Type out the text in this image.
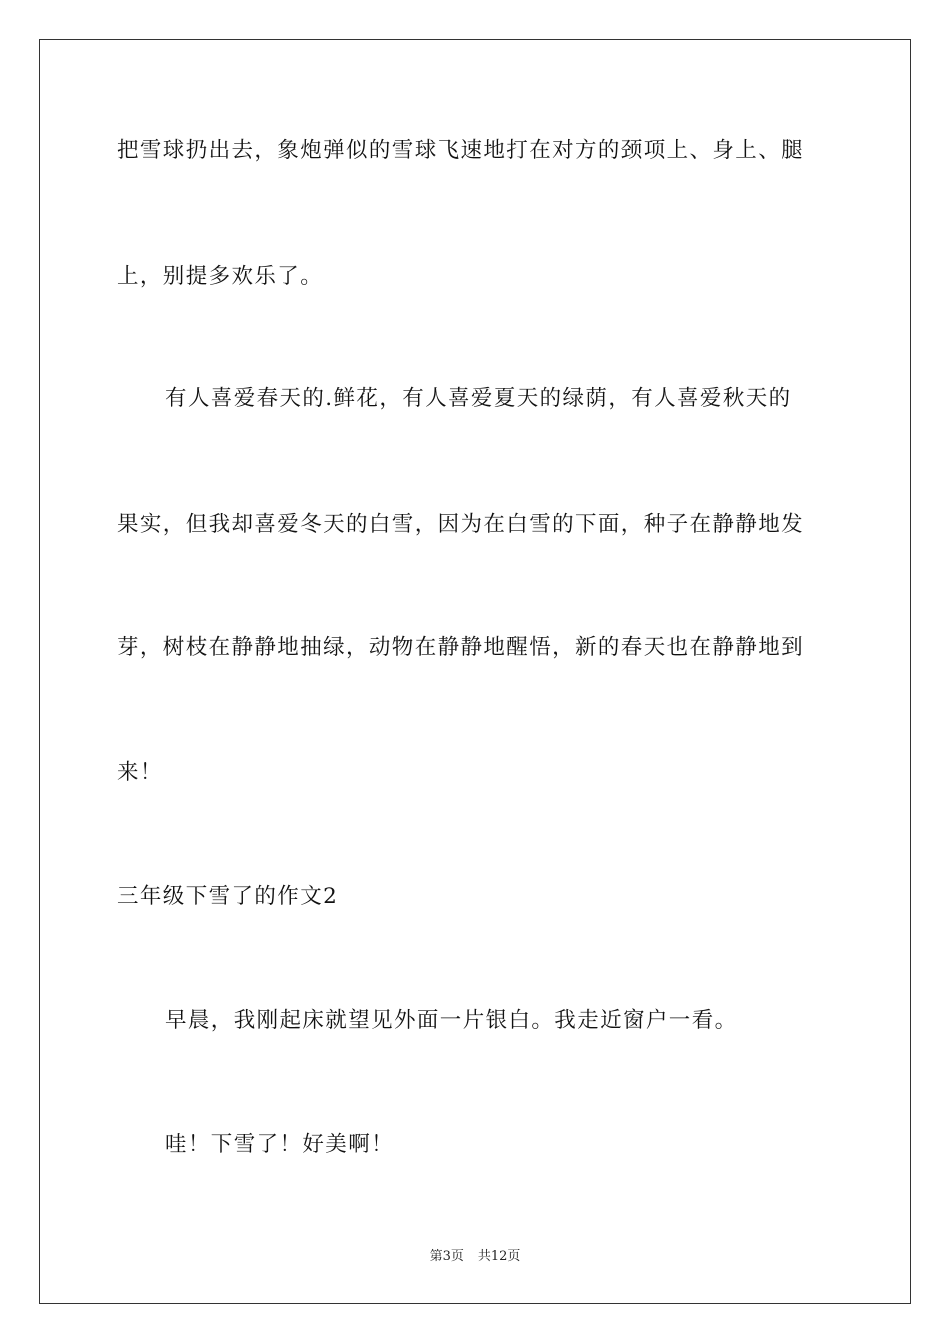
把雪球扔出去，象炮弹似的雪球飞速地打在对方的颈项上、身上、腿
上，别提多欢乐了。
有人喜爱春天的.鲜花，有人喜爱夏天的绿荫，有人喜爱秋天的
果实，但我却喜爱冬天的白雪，因为在白雪的下面，种子在静静地发
芽，树枝在静静地抽绿，动物在静静地醒悟，新的春天也在静静地到
来！
三年级下雪了的作文2
早晨，我刚起床就望见外面一片银白。我走近窗户一看。
哇！下雪了！好美啊！
第3页 共12页
